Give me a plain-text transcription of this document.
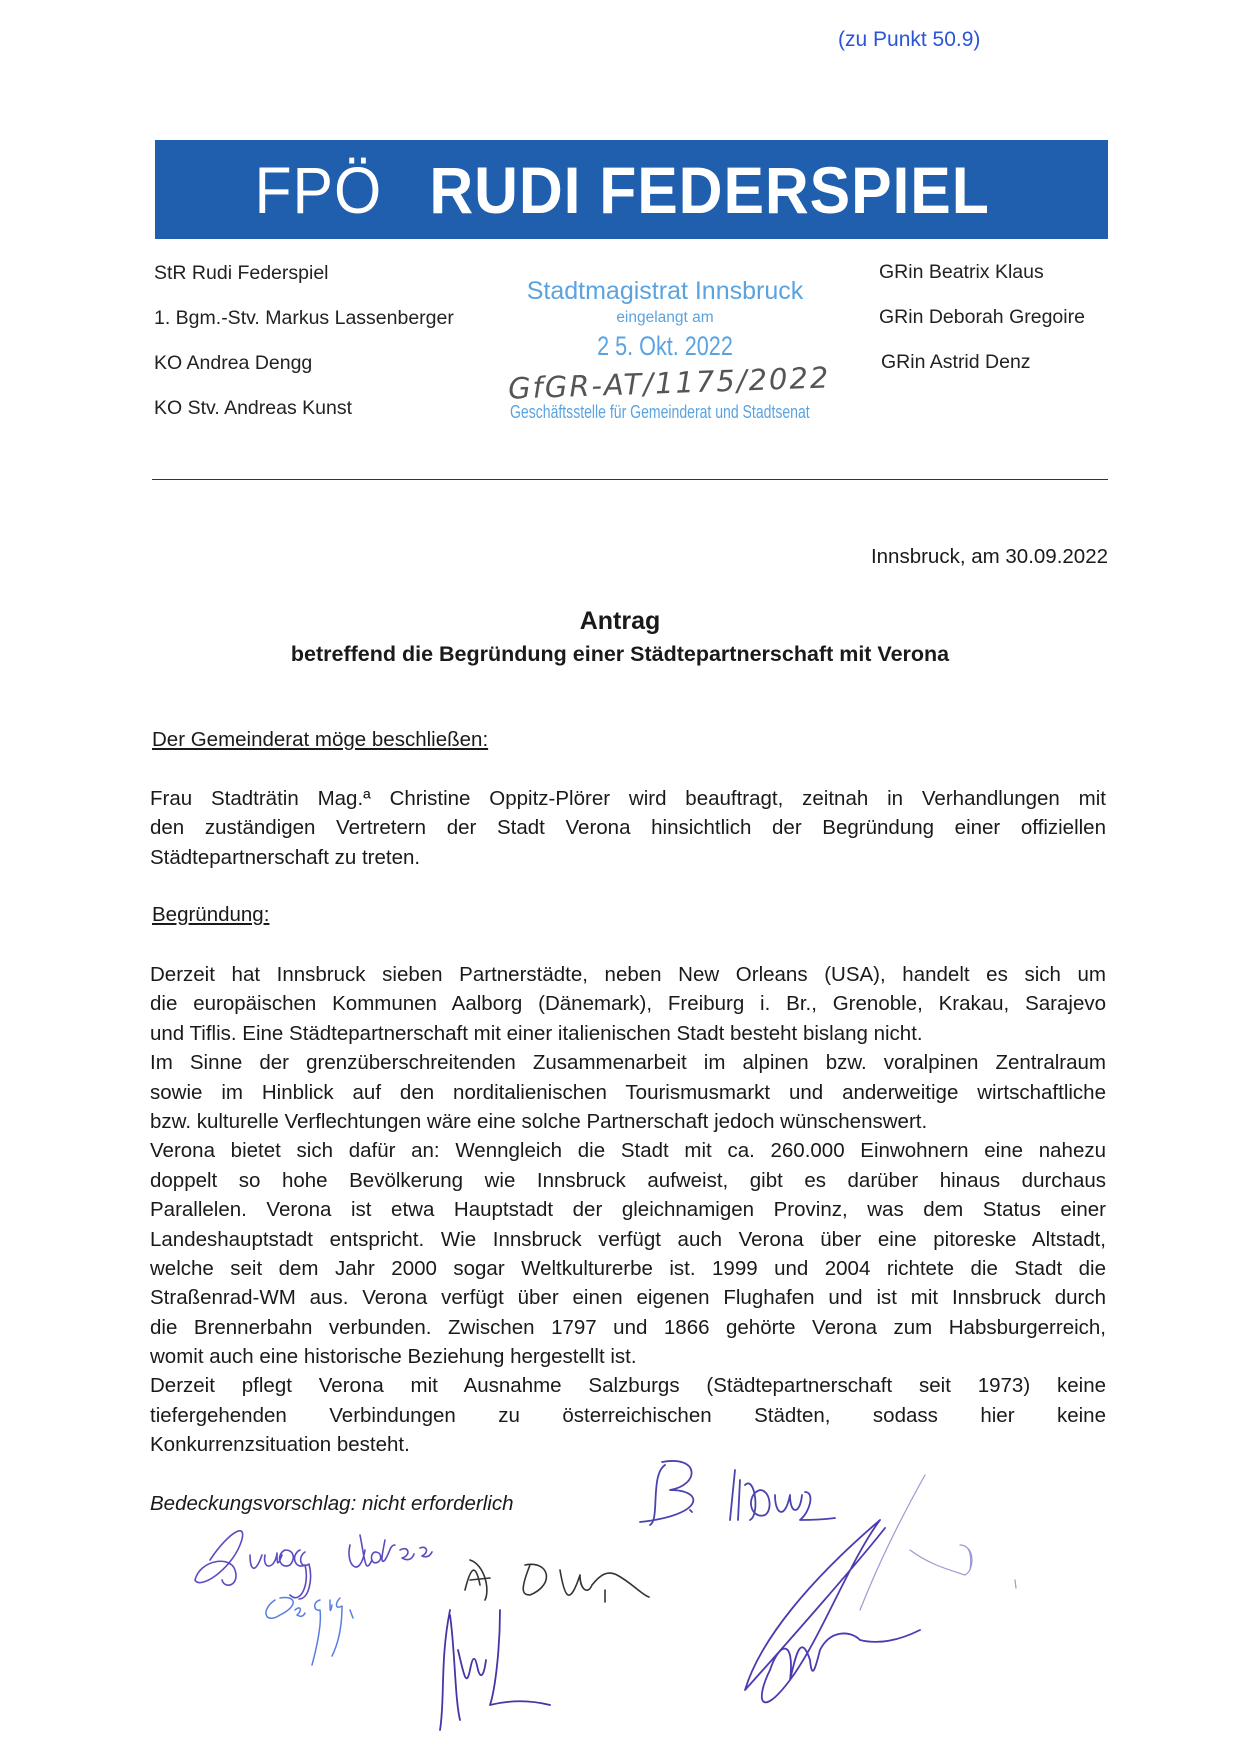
(zu Punkt 50.9)
FPÖ RUDI FEDERSPIEL
StR Rudi Federspiel
1. Bgm.-Stv. Markus Lassenberger
KO Andrea Dengg
KO Stv. Andreas Kunst
GRin Beatrix Klaus
GRin Deborah Gregoire
GRin Astrid Denz
Stadtmagistrat Innsbruck
eingelangt am
2 5. Okt. 2022
GfGR-AT/1175/2022
Geschäftsstelle für Gemeinderat und Stadtsenat
Innsbruck, am 30.09.2022
Antrag
betreffend die Begründung einer Städtepartnerschaft mit Verona
Der Gemeinderat möge beschließen:
Frau Stadträtin Mag.ª Christine Oppitz-Plörer wird beauftragt, zeitnah in Verhandlungen mit
den zuständigen Vertretern der Stadt Verona hinsichtlich der Begründung einer offiziellen
Städtepartnerschaft zu treten.
Begründung:
Derzeit hat Innsbruck sieben Partnerstädte, neben New Orleans (USA), handelt es sich um
die europäischen Kommunen Aalborg (Dänemark), Freiburg i. Br., Grenoble, Krakau, Sarajevo
und Tiflis. Eine Städtepartnerschaft mit einer italienischen Stadt besteht bislang nicht.
Im Sinne der grenzüberschreitenden Zusammenarbeit im alpinen bzw. voralpinen Zentralraum
sowie im Hinblick auf den norditalienischen Tourismusmarkt und anderweitige wirtschaftliche
bzw. kulturelle Verflechtungen wäre eine solche Partnerschaft jedoch wünschenswert.
Verona bietet sich dafür an: Wenngleich die Stadt mit ca. 260.000 Einwohnern eine nahezu
doppelt so hohe Bevölkerung wie Innsbruck aufweist, gibt es darüber hinaus durchaus
Parallelen. Verona ist etwa Hauptstadt der gleichnamigen Provinz, was dem Status einer
Landeshauptstadt entspricht. Wie Innsbruck verfügt auch Verona über eine pitoreske Altstadt,
welche seit dem Jahr 2000 sogar Weltkulturerbe ist. 1999 und 2004 richtete die Stadt die
Straßenrad-WM aus. Verona verfügt über einen eigenen Flughafen und ist mit Innsbruck durch
die Brennerbahn verbunden. Zwischen 1797 und 1866 gehörte Verona zum Habsburgerreich,
womit auch eine historische Beziehung hergestellt ist.
Derzeit pflegt Verona mit Ausnahme Salzburgs (Städtepartnerschaft seit 1973) keine
tiefergehenden Verbindungen zu österreichischen Städten, sodass hier keine
Konkurrenzsituation besteht.
Bedeckungsvorschlag: nicht erforderlich
